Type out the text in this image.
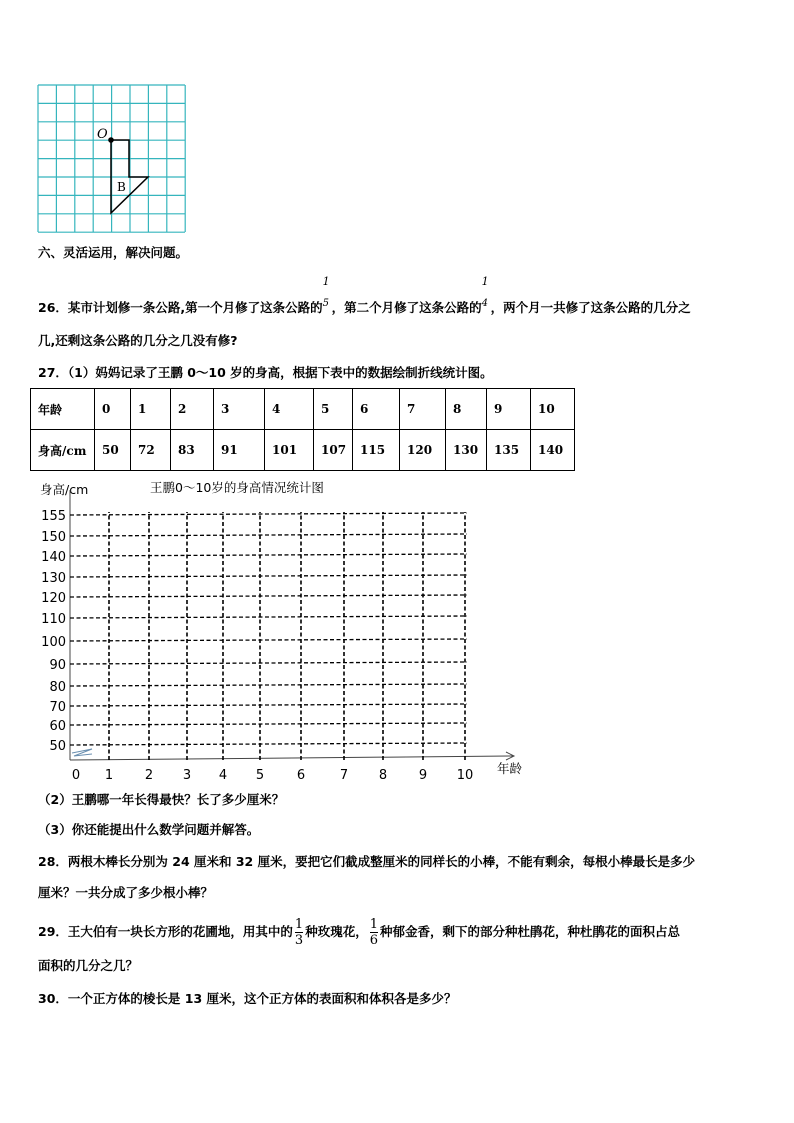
O
B
六、灵活运用，解决问题。
26．某市计划修一条公路,第一个月修了这条公路的
1
5 ，第二个月修了这条公路的
1
4 ，两个月一共修了这条公路的几分之
几,还剩这条公路的几分之几没有修?
27．（1）妈妈记录了王鹏 0～10 岁的身高，根据下表中的数据绘制折线统计图。
年龄	0	1	2	3	4	5	6	7	8	9	10
身高/cm	50	72	83	91	101	107	115	120	130	135	140
王鹏0～10岁的身高情况统计图
身高/cm
年龄
155
150
140
130
120
110
100
90
80
70
60
50
0 1 2 3 4 5	6	7 8 9 10
（2）王鹏哪一年长得最快？长了多少厘米？
（3）你还能提出什么数学问题并解答。
28．两根木棒长分别为 24 厘米和 32 厘米，要把它们截成整厘米的同样长的小棒，不能有剩余，每根小棒最长是多少
厘米？一共分成了多少根小棒？
29．王大伯有一块长方形的花圃地，用其中的 $\frac{1}{3}$ 种玫瑰花， $\frac{1}{6}$ 种郁金香，剩下的部分种杜鹃花，种杜鹃花的面积占总
面积的几分之几？
30．一个正方体的棱长是 13 厘米，这个正方体的表面积和体积各是多少？
